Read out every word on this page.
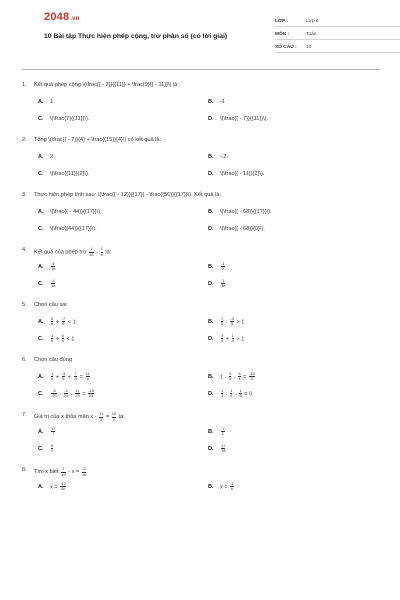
2048.vn
10 Bài tập Thực hiện phép cộng, trừ phân số (có lời giải)
LỚP :	Lớp 6
MÔN :	Toán
SỐ CÂU :	10
1.	Kết quả phép cộng \(\frac{{ - 2}}{{11}} + \frac{9}{{ - 11}}\) là:
A.	1.	B.	-1
C.	\(\frac{7}{{11}}\).	D.	\(\frac{{ - 7}}{{11}}\).
2.	Tổng \(\frac{{ - 7}}{4} + \frac{{15}}{4}\) có kết quả là:
A.	2.	B.	−2.
C.	\(\frac{{11}}{2}\).	D.	\(\frac{{ - 11}}{2}\).
3.	Thực hiện phép tính sau: \(\frac{{ - 12}}{{17}} - \frac{{56}}{{17}}\). Kết quả là:
A.	\(\frac{{ - 44}}{{17}}\).	B.	\(\frac{{ - 68}}{{17}}\).
C.	\(\frac{{44}}{{17}}\).	D.	\(\frac{{ - 68}}{0}\).
4.	Kết quả của phép trừ $\frac{1}{18} - \frac{1}{9}$ là:
A.	$\frac{4}{18}$	B.	$\frac{-1}{9}$
C.	$\frac{-1}{18}$	D.	$\frac{1}{18}$
5.	Chọn câu sai
A.	$\frac{5}{6} + \frac{-7}{6} < 1$	B.	$\frac{7}{5} - \frac{-3}{5} > 1$
C.	$\frac{1}{6} + \frac{5}{6} < 1$	D.	$\frac{3}{4} + \frac{1}{4} > 1$
6.	Chọn câu đúng
A.	$\frac{1}{5} + \frac{-3}{5} + \frac{7}{-5} = \frac{11}{5}$	B.	$1 - \frac{2}{5} - \frac{5}{4} = \frac{-13}{4}$
C.	$\frac{-5}{-23} - \frac{-2}{23} - \frac{11}{23} = \frac{-14}{23}$	D.	$\frac{1}{3} - \frac{1}{6} - \frac{1}{6} = 0$
7.	Giá trị của x thỏa mãn $x - \frac{11}{2} = \frac{10}{2}$ là:
A.	$\frac{17}{7}$	B.	$\frac{-7}{2}$
C.	$\frac{9}{2}$	D.	$\frac{17}{18}$
8.	Tìm x biết $\frac{7}{15} - x = \frac{-3}{16}$
A.	$x = \frac{-10}{30}$	B.	$x = \frac{-1}{6}$
